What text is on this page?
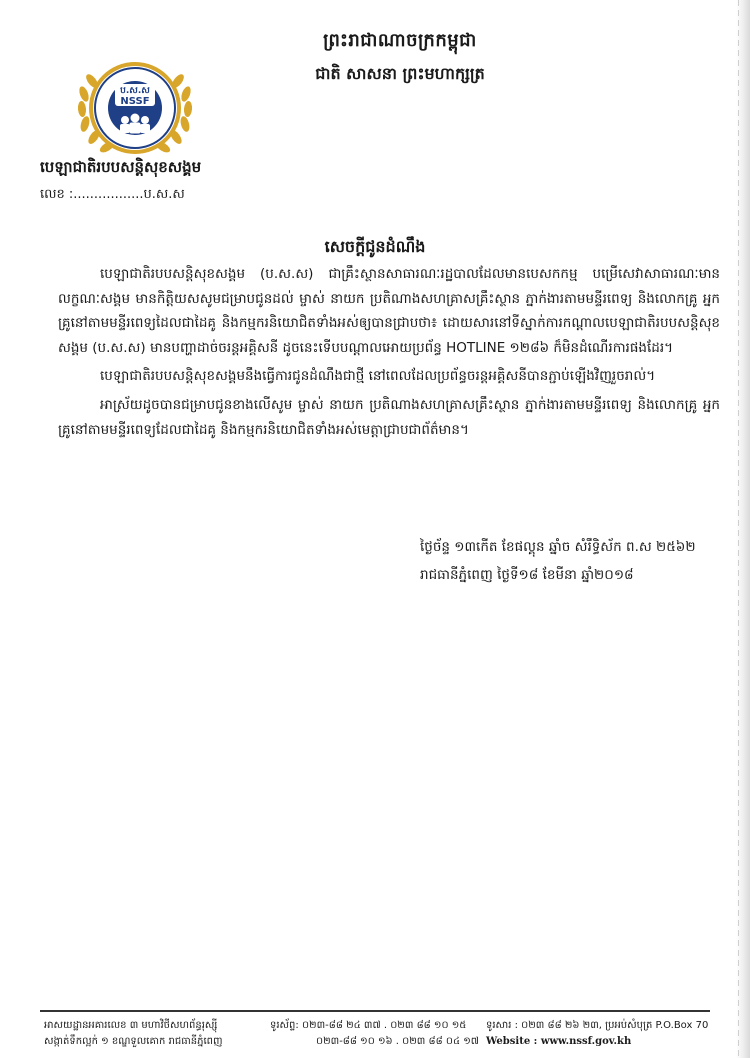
ព្រះរាជាណាចក្រកម្ពុជា
ជាតិ សាសនា ព្រះមហាក្សត្រ
ប.ស.ស
NSSF
បេឡាជាតិរបបសន្តិសុខសង្គម
លេខ :.................ប.ស.ស
សេចក្តីជូនដំណឹង

បេឡាជាតិរបបសន្តិសុខសង្គម (ប.ស.ស) ជាគ្រឹះស្ថានសាធារណៈរដ្ឋបាលដែលមានបេសកកម្ម បម្រើសេវាសាធារណៈមានលក្ខណៈសង្គម មានកិត្តិយសសូមជម្រាបជូនដល់ ម្ចាស់ នាយក ប្រតិណាងសហគ្រាសគ្រឹះស្ថាន ភ្នាក់ងារតាមមន្ទីរពេទ្យ និងលោកគ្រូ អ្នកគ្រូនៅតាមមន្ទីរពេទ្យដៃលជាដៃគូ និងកម្មករនិយោជិតទាំងអស់ឲ្យបានជ្រាបថា៖ ដោយសារនៅទីស្នាក់ការកណ្តាលបេឡាជាតិរបបសន្តិសុខសង្គម (ប.ស.ស) មានបញ្ហាដាច់ចរន្តអគ្គិសនី ដូចនេះទើបបណ្តាលអោយប្រព័ន្ធ HOTLINE ១២៨៦ ក៏មិនដំណើរការផងដែរ។

បេឡាជាតិរបបសន្តិសុខសង្គមនឹងធ្វើការជូនដំណឹងជាថ្មី នៅពេលដែលប្រព័ន្ធចរន្តអគ្គិសនីបានភ្ជាប់ឡើងវិញរួចរាល់។

អាស្រ័យដូចបានជម្រាបជូនខាងលើសូម ម្ចាស់ នាយក ប្រតិណាងសហគ្រាសគ្រឹះស្ថាន ភ្នាក់ងារតាមមន្ទីរពេទ្យ និងលោកគ្រូ អ្នកគ្រូនៅតាមមន្ទីរពេទ្យដែលជាដៃគូ និងកម្មករនិយោជិតទាំងអស់មេត្តាជ្រាបជាព័ត៌មាន។

ថ្ងៃច័ន្ទ ១៣កើត ខែផល្គុន ឆ្នាំច សំរឹទ្ធិស័ក ព.ស ២៥៦២
រាជធានីភ្នំពេញ ថ្ងៃទី១៨ ខែមីនា ឆ្នាំ២០១៨
អាសយដ្ឋានអគារលេខ ៣ មហាវិថីសហព័ន្ធរុស្ស៊ី
សង្កាត់ទឹកល្អក់ ១ ខណ្ឌទួលគោក រាជធានីភ្នំពេញ
ទូរស័ព្ទ: ០២៣-៨៨ ២៤ ៣៧ . ០២៣ ៨៨ ១០ ១៥
០២៣-៨៨ ១០ ១៦ . ០២៣ ៨៨ ០៤ ១៧
ទូរសារ : ០២៣ ៨៨ ២៦ ២៣, ប្រអប់សំបុត្រ P.O.Box 70
Website : www.nssf.gov.kh
